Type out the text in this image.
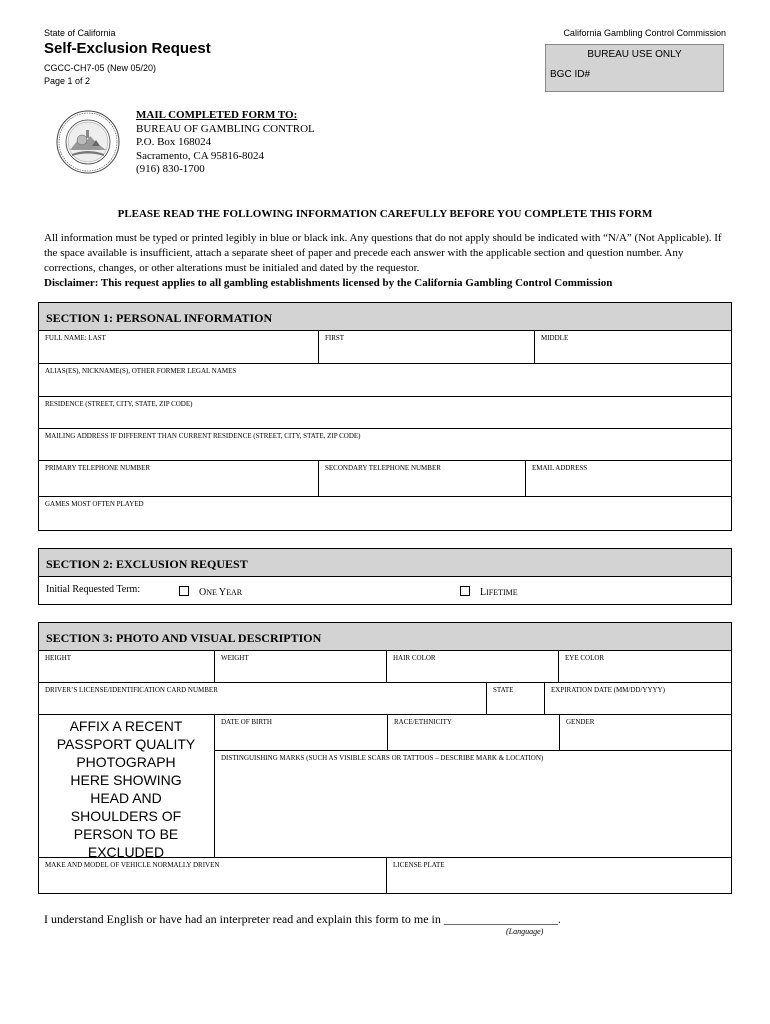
State of California
Self-Exclusion Request
CGCC-CH7-05 (New 05/20)
Page 1 of 2
California Gambling Control Commission
BUREAU USE ONLY
BGC ID#
MAIL COMPLETED FORM TO:
BUREAU OF GAMBLING CONTROL
P.O. Box 168024
Sacramento, CA 95816-8024
(916) 830-1700
PLEASE READ THE FOLLOWING INFORMATION CAREFULLY BEFORE YOU COMPLETE THIS FORM

All information must be typed or printed legibly in blue or black ink. Any questions that do not apply should be indicated with “N/A” (Not Applicable). If the space available is insufficient, attach a separate sheet of paper and precede each answer with the applicable section and question number. Any corrections, changes, or other alterations must be initialed and dated by the requestor.

Disclaimer: This request applies to all gambling establishments licensed by the California Gambling Control Commission

SECTION 1: PERSONAL INFORMATION
FULL NAME: LAST	FIRST	MIDDLE
ALIAS(ES), NICKNAME(S), OTHER FORMER LEGAL NAMES
RESIDENCE (STREET, CITY, STATE, ZIP CODE)
MAILING ADDRESS IF DIFFERENT THAN CURRENT RESIDENCE (STREET, CITY, STATE, ZIP CODE)
PRIMARY TELEPHONE NUMBER	SECONDARY TELEPHONE NUMBER	EMAIL ADDRESS
GAMES MOST OFTEN PLAYED
SECTION 2: EXCLUSION REQUEST
Initial Requested Term:	ONE YEAR	LIFETIME
SECTION 3: PHOTO AND VISUAL DESCRIPTION
HEIGHT	WEIGHT	HAIR COLOR	EYE COLOR
DRIVER’S LICENSE/IDENTIFICATION CARD NUMBER	STATE	EXPIRATION DATE (MM/DD/YYYY)
AFFIX A RECENT
PASSPORT QUALITY
PHOTOGRAPH
HERE SHOWING
HEAD AND
SHOULDERS OF
PERSON TO BE
EXCLUDED
DATE OF BIRTH	RACE/ETHNICITY	GENDER
DISTINGUISHING MARKS (SUCH AS VISIBLE SCARS OR TATTOOS – DESCRIBE MARK & LOCATION)
MAKE AND MODEL OF VEHICLE NORMALLY DRIVEN	LICENSE PLATE
I understand English or have had an interpreter read and explain this form to me in ___________________.
(Language)
